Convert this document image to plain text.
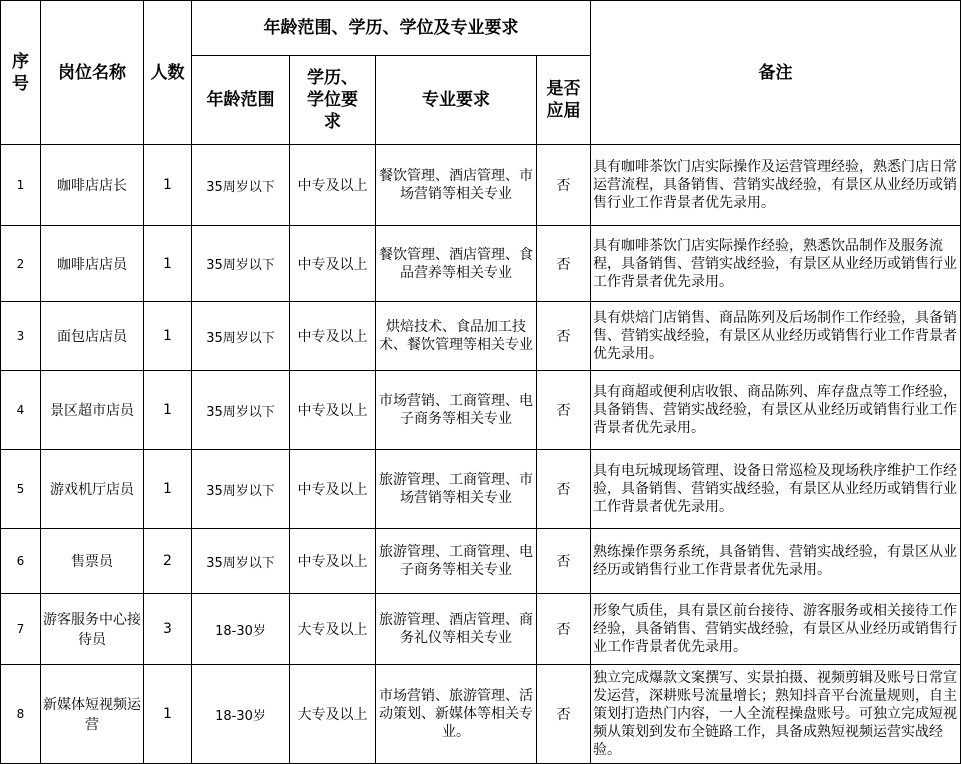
序号	岗位名称	人数	年龄范围、学历、学位及专业要求				备注
			年龄范围	学历、学位要求	专业要求	是否应届	
1	咖啡店店长	1	35周岁以下	中专及以上	餐饮管理、酒店管理、市场营销等相关专业	否	具有咖啡茶饮门店实际操作及运营管理经验，熟悉门店日常运营流程，具备销售、营销实战经验，有景区从业经历或销售行业工作背景者优先录用。
2	咖啡店店员	1	35周岁以下	中专及以上	餐饮管理、酒店管理、食品营养等相关专业	否	具有咖啡茶饮门店实际操作经验，熟悉饮品制作及服务流程，具备销售、营销实战经验，有景区从业经历或销售行业工作背景者优先录用。
3	面包店店员	1	35周岁以下	中专及以上	烘焙技术、食品加工技术、餐饮管理等相关专业	否	具有烘焙门店销售、商品陈列及后场制作工作经验，具备销售、营销实战经验，有景区从业经历或销售行业工作背景者优先录用。
4	景区超市店员	1	35周岁以下	中专及以上	市场营销、工商管理、电子商务等相关专业	否	具有商超或便利店收银、商品陈列、库存盘点等工作经验，具备销售、营销实战经验，有景区从业经历或销售行业工作背景者优先录用。
5	游戏机厅店员	1	35周岁以下	中专及以上	旅游管理、工商管理、市场营销等相关专业	否	具有电玩城现场管理、设备日常巡检及现场秩序维护工作经验，具备销售、营销实战经验，有景区从业经历或销售行业工作背景者优先录用。
6	售票员	2	35周岁以下	中专及以上	旅游管理、工商管理、电子商务等相关专业	否	熟练操作票务系统，具备销售、营销实战经验，有景区从业经历或销售行业工作背景者优先录用。
7	游客服务中心接待员	3	18-30岁	大专及以上	旅游管理、酒店管理、商务礼仪等相关专业	否	形象气质佳，具有景区前台接待、游客服务或相关接待工作经验，具备销售、营销实战经验，有景区从业经历或销售行业工作背景者优先录用。
8	新媒体短视频运营	1	18-30岁	大专及以上	市场营销、旅游管理、活动策划、新媒体等相关专业。	否	独立完成爆款文案撰写、实景拍摄、视频剪辑及账号日常宣发运营，深耕账号流量增长；熟知抖音平台流量规则，自主策划打造热门内容，一人全流程操盘账号。可独立完成短视频从策划到发布全链路工作，具备成熟短视频运营实战经验。
